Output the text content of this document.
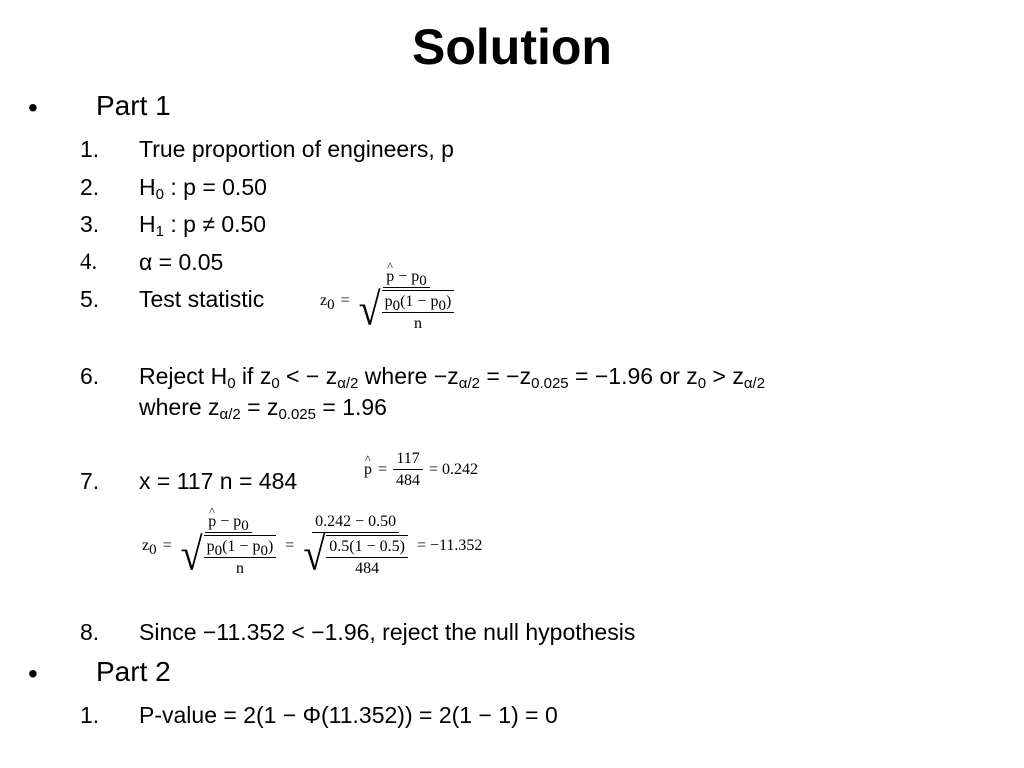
Solution
• Part 1
1. True proportion of engineers, p
2. $H_0$ : p = 0.50
3. $H_1$ : p ≠ 0.50
4. α = 0.05
5. Test statistic	$z_0$ = ^ $\frac{p - p_0}{√ \frac{p_0(1 - p_0)}{n}}$
6. Reject $H_0$ if $z_0$ < − $z_{\alpha/2}$ where $-z_{\alpha/2} = -z_{0.025} = -1.96$ or $z_0 > z_{\alpha/2}$
where $z_{\alpha/2} = z_{0.025} = 1.96$
7. x = 117 n = 484	^ $p = \frac{117}{484} = 0.242$
$z_0$ = ^ $\frac{p - p_0}{√ \frac{p_0(1 - p_0)}{n}} = \frac{0.242 - 0.50}{√ \frac{0.5(1 - 0.5)}{484}} = -11.352$
8. Since −11.352 < −1.96, reject the null hypothesis
• Part 2
1. P-value = 2(1 − Φ(11.352)) = 2(1 − 1) = 0
